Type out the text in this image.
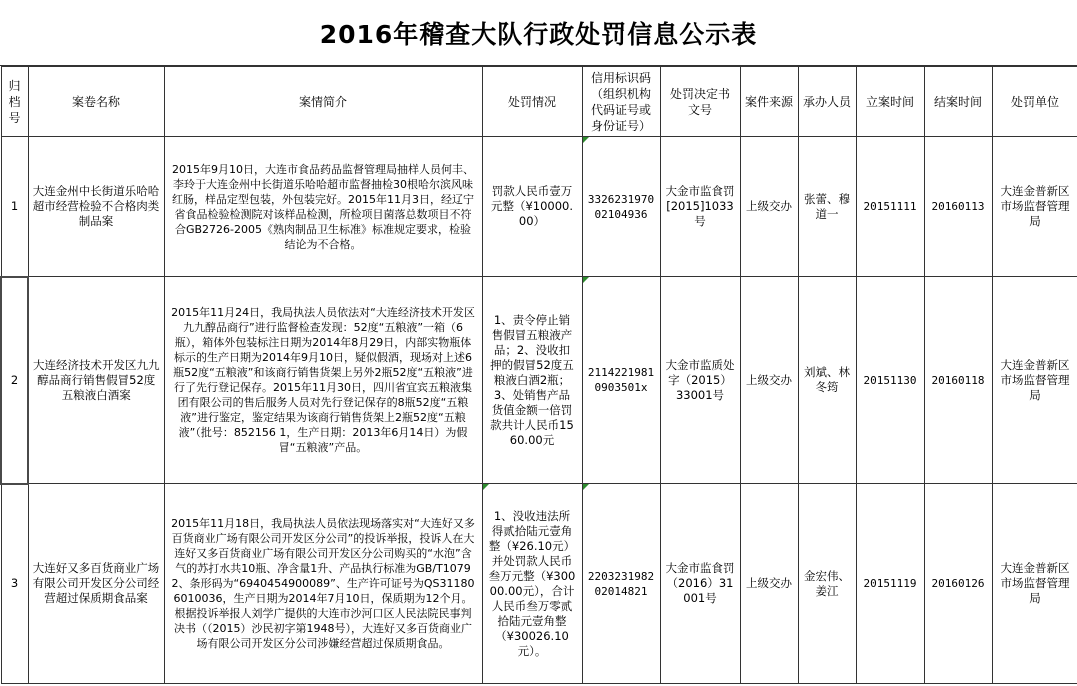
2016年稽查大队行政处罚信息公示表
归档号	案卷名称	案情简介	处罚情况	信用标识码（组织机构代码证号或身份证号）	处罚决定书文号	案件来源	承办人员	立案时间	结案时间	处罚单位
1	大连金州中长街道乐哈哈超市经营检验不合格肉类制品案	2015年9月10日，大连市食品药品监督管理局抽样人员何丰、李玲于大连金州中长街道乐哈哈超市监督抽检30根哈尔滨风味红肠，样品定型包装，外包装完好。2015年11月3日，经辽宁省食品检验检测院对该样品检测，所检项目菌落总数项目不符合GB2726-2005《熟肉制品卫生标准》标准规定要求，检验结论为不合格。	罚款人民币壹万元整（¥10000.00）	332623197002104936	大金市监食罚[2015]1033号	上级交办	张蕾、穆道一	20151111	20160113	大连金普新区市场监督管理局
2	大连经济技术开发区九九醇品商行销售假冒52度五粮液白酒案	2015年11月24日，我局执法人员依法对“大连经济技术开发区九九醇品商行”进行监督检查发现：52度“五粮液”一箱（6瓶），箱体外包装标注日期为2014年8月29日，内部实物瓶体标示的生产日期为2014年9月10日，疑似假酒，现场对上述6瓶52度“五粮液”和该商行销售货架上另外2瓶52度“五粮液”进行了先行登记保存。2015年11月30日，四川省宜宾五粮液集团有限公司的售后服务人员对先行登记保存的8瓶52度“五粮液”进行鉴定，鉴定结果为该商行销售货架上2瓶52度“五粮液”（批号：852156 1，生产日期：2013年6月14日）为假冒“五粮液”产品。	1、责令停止销售假冒五粮液产品；2、没收扣押的假冒52度五粮液白酒2瓶；3、处销售产品货值金额一倍罚款共计人民币1560.00元	21142219810903501x	大金市监质处字（2015）33001号	上级交办	刘斌、林冬筠	20151130	20160118	大连金普新区市场监督管理局
3	大连好又多百货商业广场有限公司开发区分公司经营超过保质期食品案	2015年11月18日，我局执法人员依法现场落实对“大连好又多百货商业广场有限公司开发区分公司”的投诉举报，投诉人在大连好又多百货商业广场有限公司开发区分公司购买的“水泡”含气的苏打水共10瓶、净含量1升、产品执行标准为GB/T10792、条形码为“6940454900089”、生产许可证号为QS311806010036，生产日期为2014年7月10日，保质期为12个月。根据投诉举报人刘学广提供的大连市沙河口区人民法院民事判决书（（2015）沙民初字第1948号），大连好又多百货商业广场有限公司开发区分公司涉嫌经营超过保质期食品。	1、没收违法所得贰拾陆元壹角整（¥26.10元）并处罚款人民币叁万元整（¥30000.00元），合计人民币叁万零贰拾陆元壹角整（¥30026.10元）。	220323198202014821	大金市监食罚（2016）31001号	上级交办	金宏伟、姜江	20151119	20160126	大连金普新区市场监督管理局
